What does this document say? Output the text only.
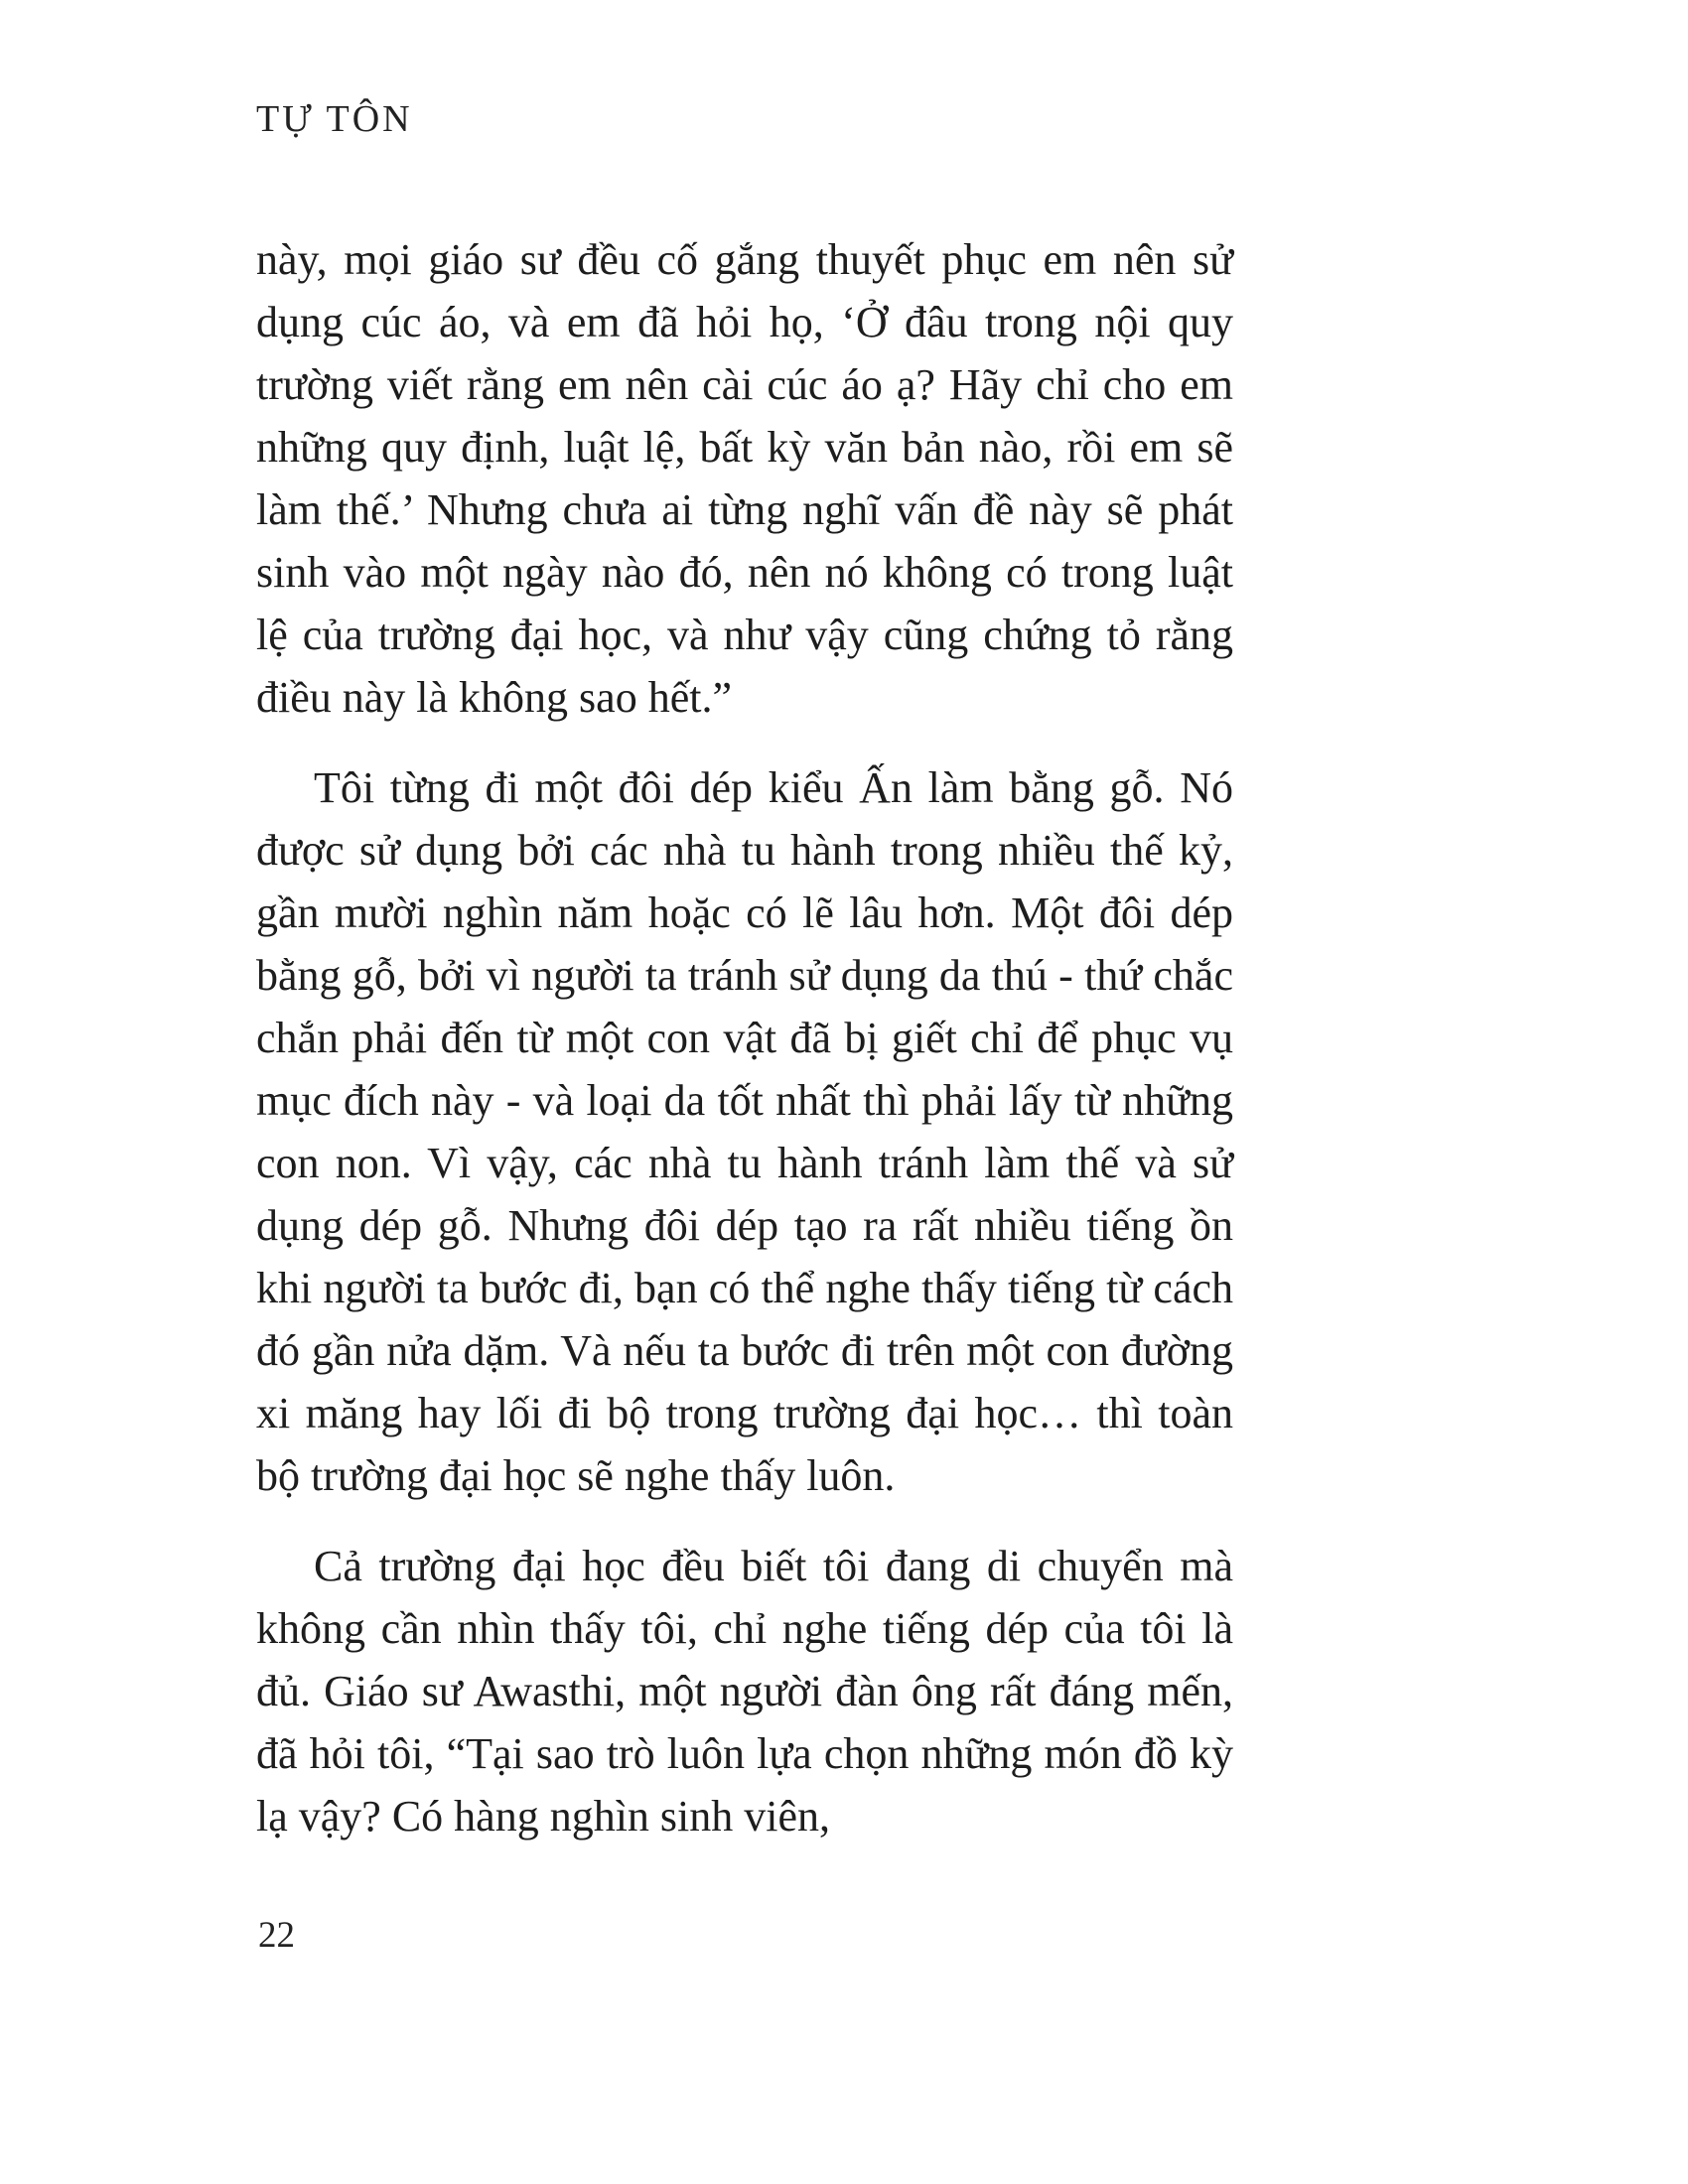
TỰ TÔN

này, mọi giáo sư đều cố gắng thuyết phục em nên sử dụng cúc áo, và em đã hỏi họ, ‘Ở đâu trong nội quy trường viết rằng em nên cài cúc áo ạ? Hãy chỉ cho em những quy định, luật lệ, bất kỳ văn bản nào, rồi em sẽ làm thế.’ Nhưng chưa ai từng nghĩ vấn đề này sẽ phát sinh vào một ngày nào đó, nên nó không có trong luật lệ của trường đại học, và như vậy cũng chứng tỏ rằng điều này là không sao hết.”

Tôi từng đi một đôi dép kiểu Ấn làm bằng gỗ. Nó được sử dụng bởi các nhà tu hành trong nhiều thế kỷ, gần mười nghìn năm hoặc có lẽ lâu hơn. Một đôi dép bằng gỗ, bởi vì người ta tránh sử dụng da thú - thứ chắc chắn phải đến từ một con vật đã bị giết chỉ để phục vụ mục đích này - và loại da tốt nhất thì phải lấy từ những con non. Vì vậy, các nhà tu hành tránh làm thế và sử dụng dép gỗ. Nhưng đôi dép tạo ra rất nhiều tiếng ồn khi người ta bước đi, bạn có thể nghe thấy tiếng từ cách đó gần nửa dặm. Và nếu ta bước đi trên một con đường xi măng hay lối đi bộ trong trường đại học… thì toàn bộ trường đại học sẽ nghe thấy luôn.

Cả trường đại học đều biết tôi đang di chuyển mà không cần nhìn thấy tôi, chỉ nghe tiếng dép của tôi là đủ. Giáo sư Awasthi, một người đàn ông rất đáng mến, đã hỏi tôi, “Tại sao trò luôn lựa chọn những món đồ kỳ lạ vậy? Có hàng nghìn sinh viên,

22
